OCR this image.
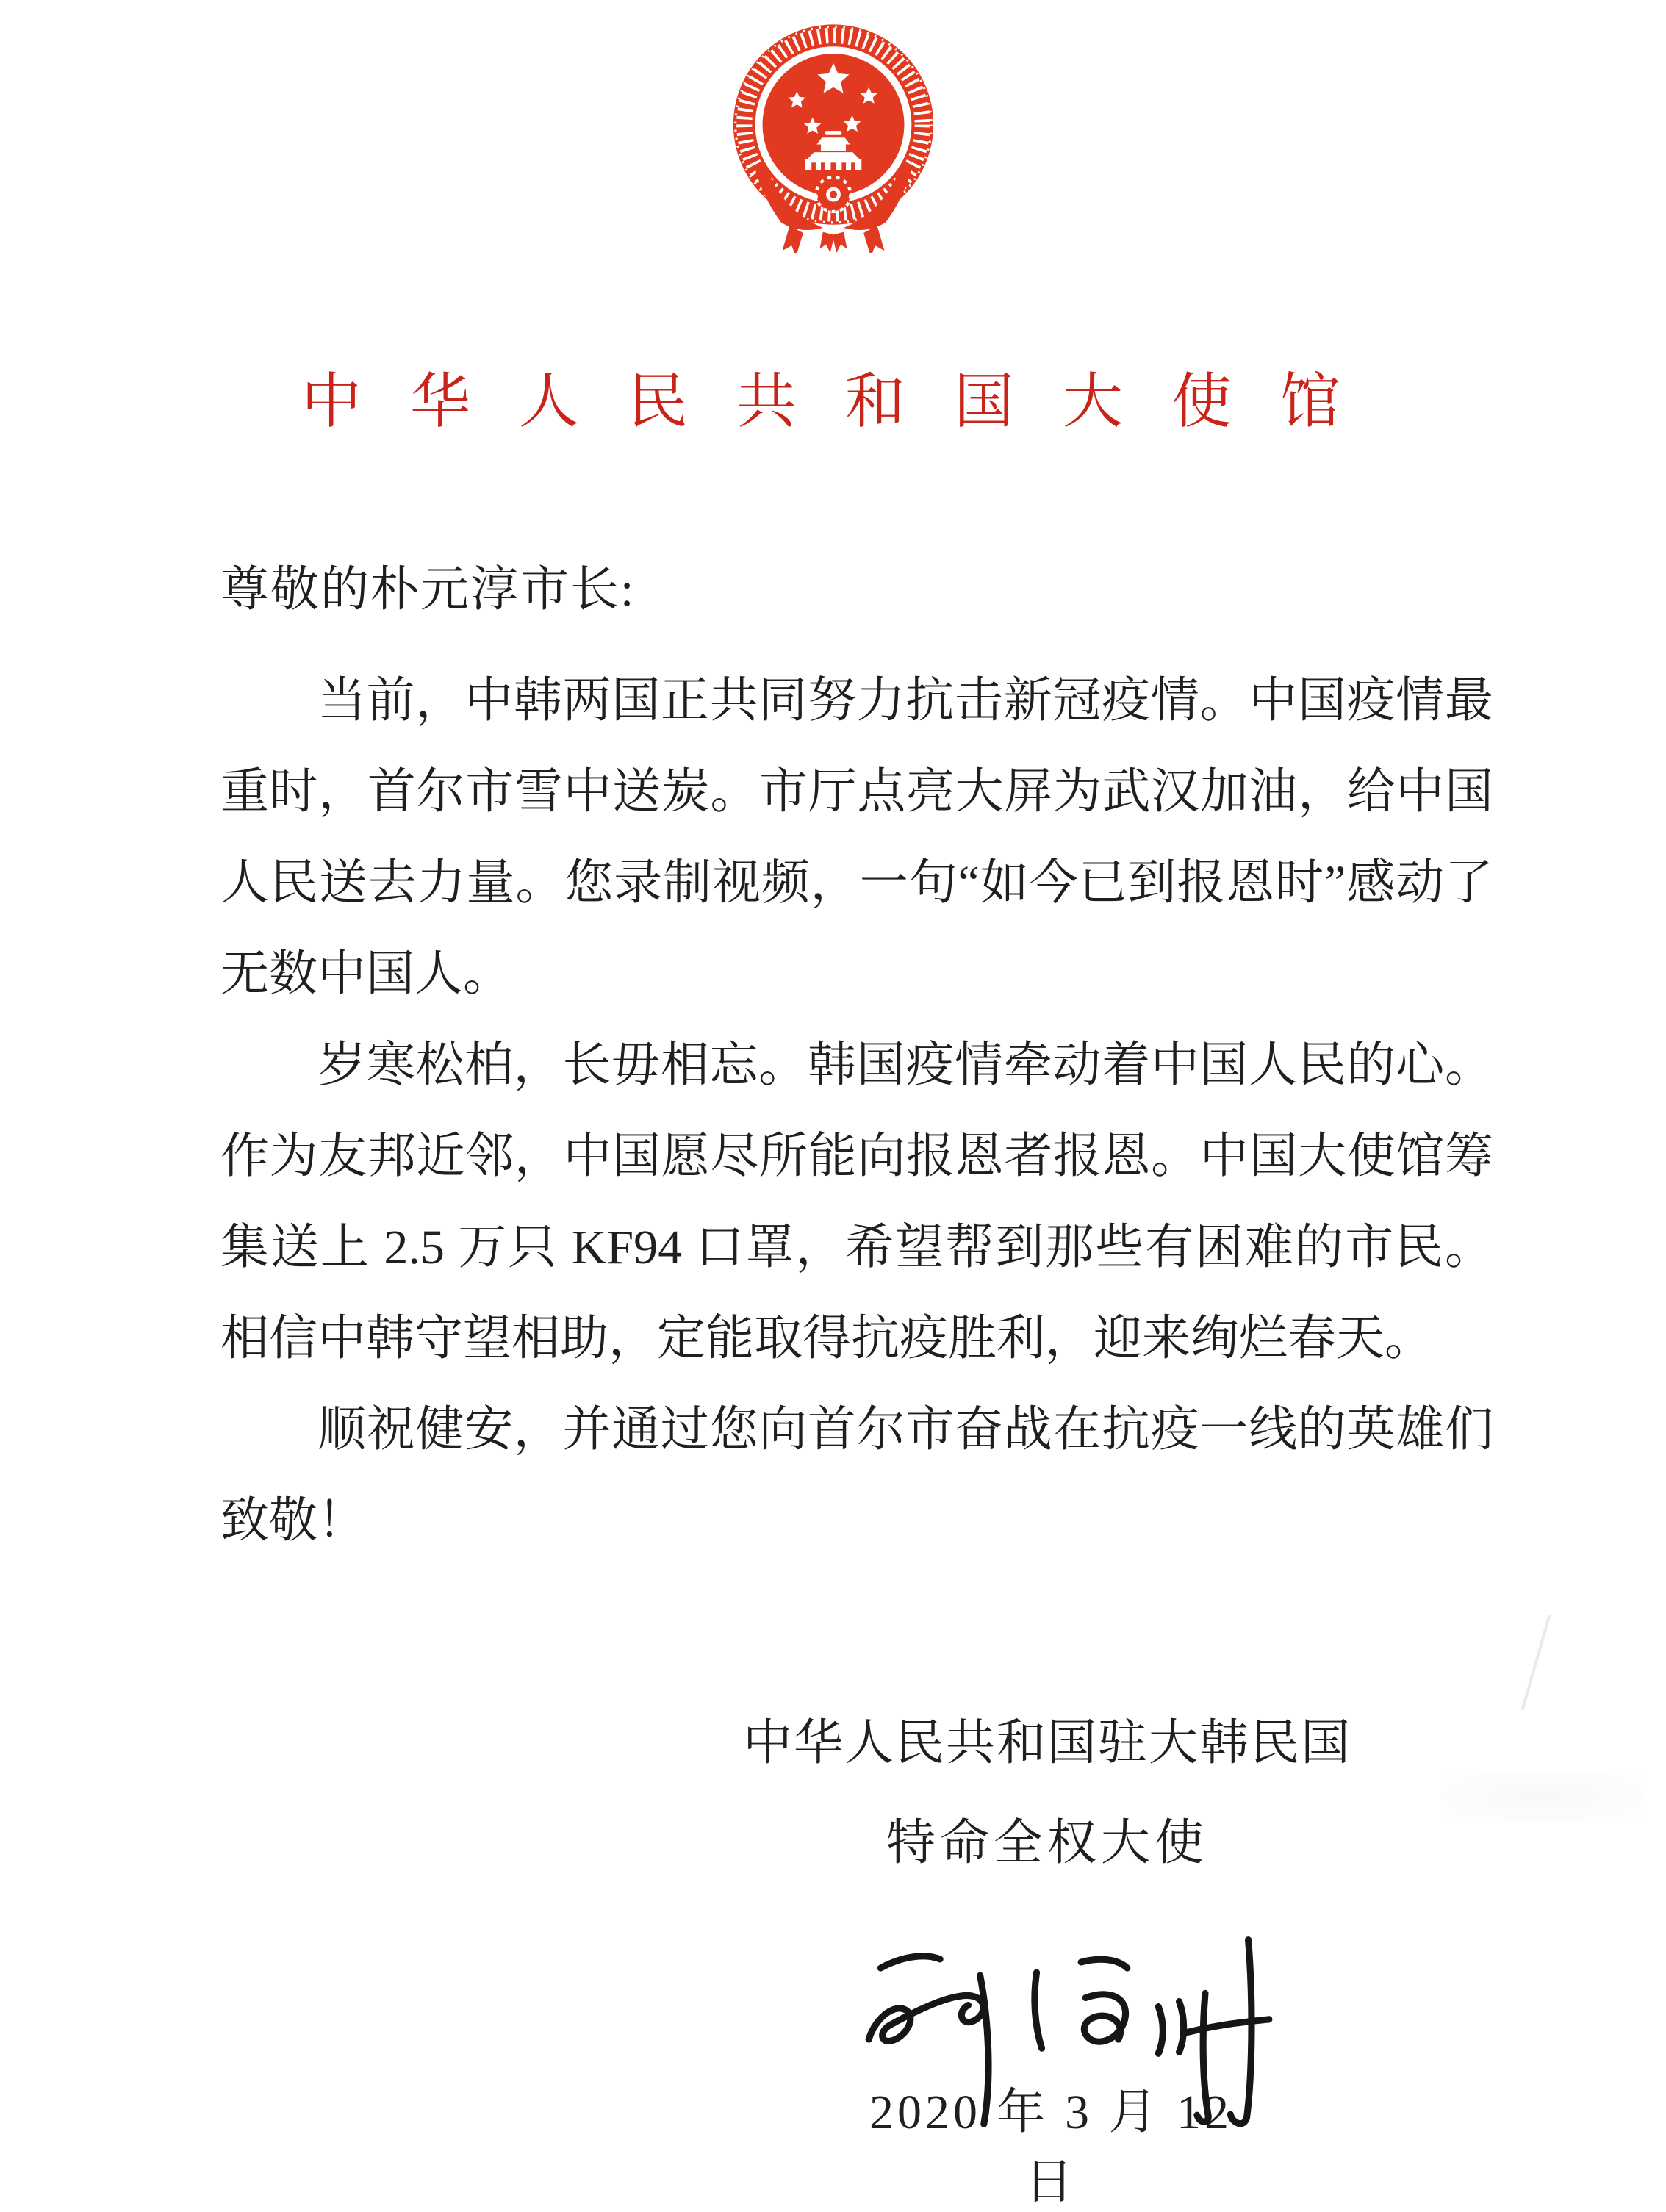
中华人民共和国大使馆
尊敬的朴元淳市长:

当前，中韩两国正共同努力抗击新冠疫情。中国疫情最重时，首尔市雪中送炭。市厅点亮大屏为武汉加油，给中国人民送去力量。您录制视频，一句“如今已到报恩时”感动了无数中国人。

岁寒松柏，长毋相忘。韩国疫情牵动着中国人民的心。作为友邦近邻，中国愿尽所能向报恩者报恩。中国大使馆筹集送上 2.5 万只 KF94 口罩，希望帮到那些有困难的市民。相信中韩守望相助，定能取得抗疫胜利，迎来绚烂春天。

顺祝健安，并通过您向首尔市奋战在抗疫一线的英雄们致敬！

中华人民共和国驻大韩民国
特命全权大使
2020 年 3 月 12 日
